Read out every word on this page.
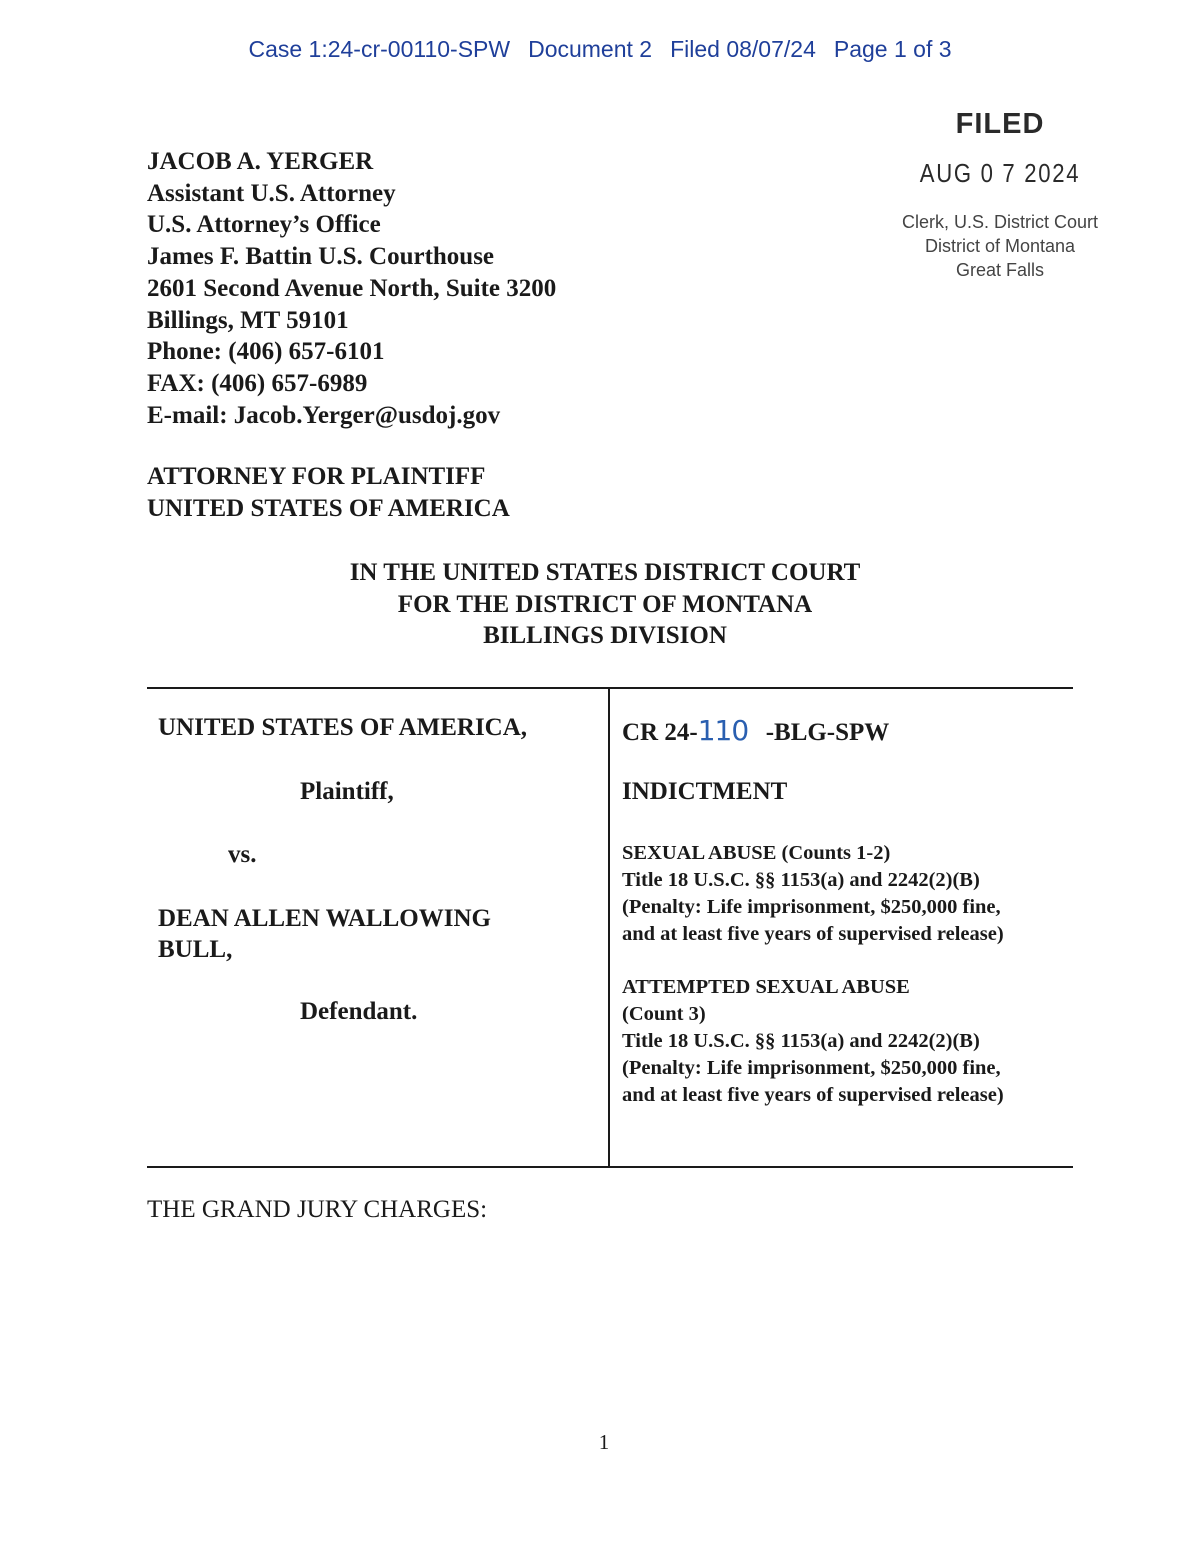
Case 1:24-cr-00110-SPW Document 2 Filed 08/07/24 Page 1 of 3
FILED
AUG 0 7 2024
Clerk, U.S. District Court
District of Montana
Great Falls
JACOB A. YERGER
Assistant U.S. Attorney
U.S. Attorney’s Office
James F. Battin U.S. Courthouse
2601 Second Avenue North, Suite 3200
Billings, MT 59101
Phone: (406) 657-6101
FAX: (406) 657-6989
E-mail: Jacob.Yerger@usdoj.gov
ATTORNEY FOR PLAINTIFF
UNITED STATES OF AMERICA
IN THE UNITED STATES DISTRICT COURT
FOR THE DISTRICT OF MONTANA
BILLINGS DIVISION
UNITED STATES OF AMERICA,
Plaintiff,
vs.
DEAN ALLEN WALLOWING
BULL,
Defendant.
CR 24-110 -BLG-SPW
INDICTMENT
SEXUAL ABUSE (Counts 1-2)
Title 18 U.S.C. §§ 1153(a) and 2242(2)(B)
(Penalty: Life imprisonment, $250,000 fine,
and at least five years of supervised release)
ATTEMPTED SEXUAL ABUSE
(Count 3)
Title 18 U.S.C. §§ 1153(a) and 2242(2)(B)
(Penalty: Life imprisonment, $250,000 fine,
and at least five years of supervised release)
THE GRAND JURY CHARGES:
1
